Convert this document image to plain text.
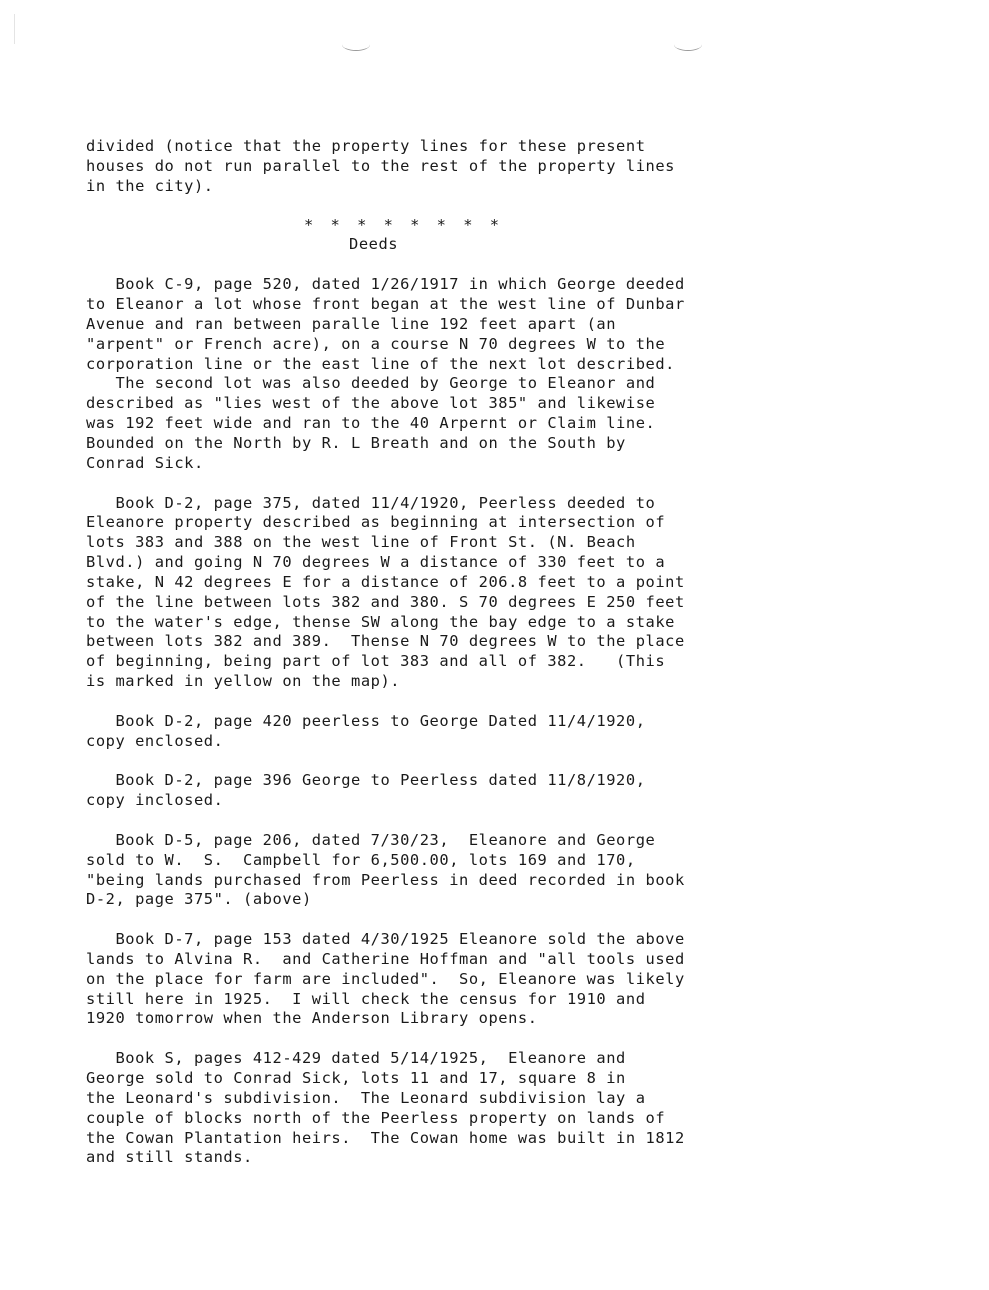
divided (notice that the property lines for these present
houses do not run parallel to the rest of the property lines
in the city).
* * * * * * * *
Deeds
Book C-9, page 520, dated 1/26/1917 in which George deeded
to Eleanor a lot whose front began at the west line of Dunbar
Avenue and ran between paralle line 192 feet apart (an
"arpent" or French acre), on a course N 70 degrees W to the
corporation line or the east line of the next lot described.
The second lot was also deeded by George to Eleanor and
described as "lies west of the above lot 385" and likewise
was 192 feet wide and ran to the 40 Arpernt or Claim line.
Bounded on the North by R. L Breath and on the South by
Conrad Sick.
Book D-2, page 375, dated 11/4/1920, Peerless deeded to
Eleanore property described as beginning at intersection of
lots 383 and 388 on the west line of Front St. (N. Beach
Blvd.) and going N 70 degrees W a distance of 330 feet to a
stake, N 42 degrees E for a distance of 206.8 feet to a point
of the line between lots 382 and 380. S 70 degrees E 250 feet
to the water's edge, thense SW along the bay edge to a stake
between lots 382 and 389.  Thense N 70 degrees W to the place
of beginning, being part of lot 383 and all of 382.   (This
is marked in yellow on the map).
Book D-2, page 420 peerless to George Dated 11/4/1920,
copy enclosed.
Book D-2, page 396 George to Peerless dated 11/8/1920,
copy inclosed.
Book D-5, page 206, dated 7/30/23,  Eleanore and George
sold to W.  S.  Campbell for 6,500.00, lots 169 and 170,
"being lands purchased from Peerless in deed recorded in book
D-2, page 375". (above)
Book D-7, page 153 dated 4/30/1925 Eleanore sold the above
lands to Alvina R.  and Catherine Hoffman and "all tools used
on the place for farm are included".  So, Eleanore was likely
still here in 1925.  I will check the census for 1910 and
1920 tomorrow when the Anderson Library opens.
Book S, pages 412-429 dated 5/14/1925,  Eleanore and
George sold to Conrad Sick, lots 11 and 17, square 8 in
the Leonard's subdivision.  The Leonard subdivision lay a
couple of blocks north of the Peerless property on lands of
the Cowan Plantation heirs.  The Cowan home was built in 1812
and still stands.
